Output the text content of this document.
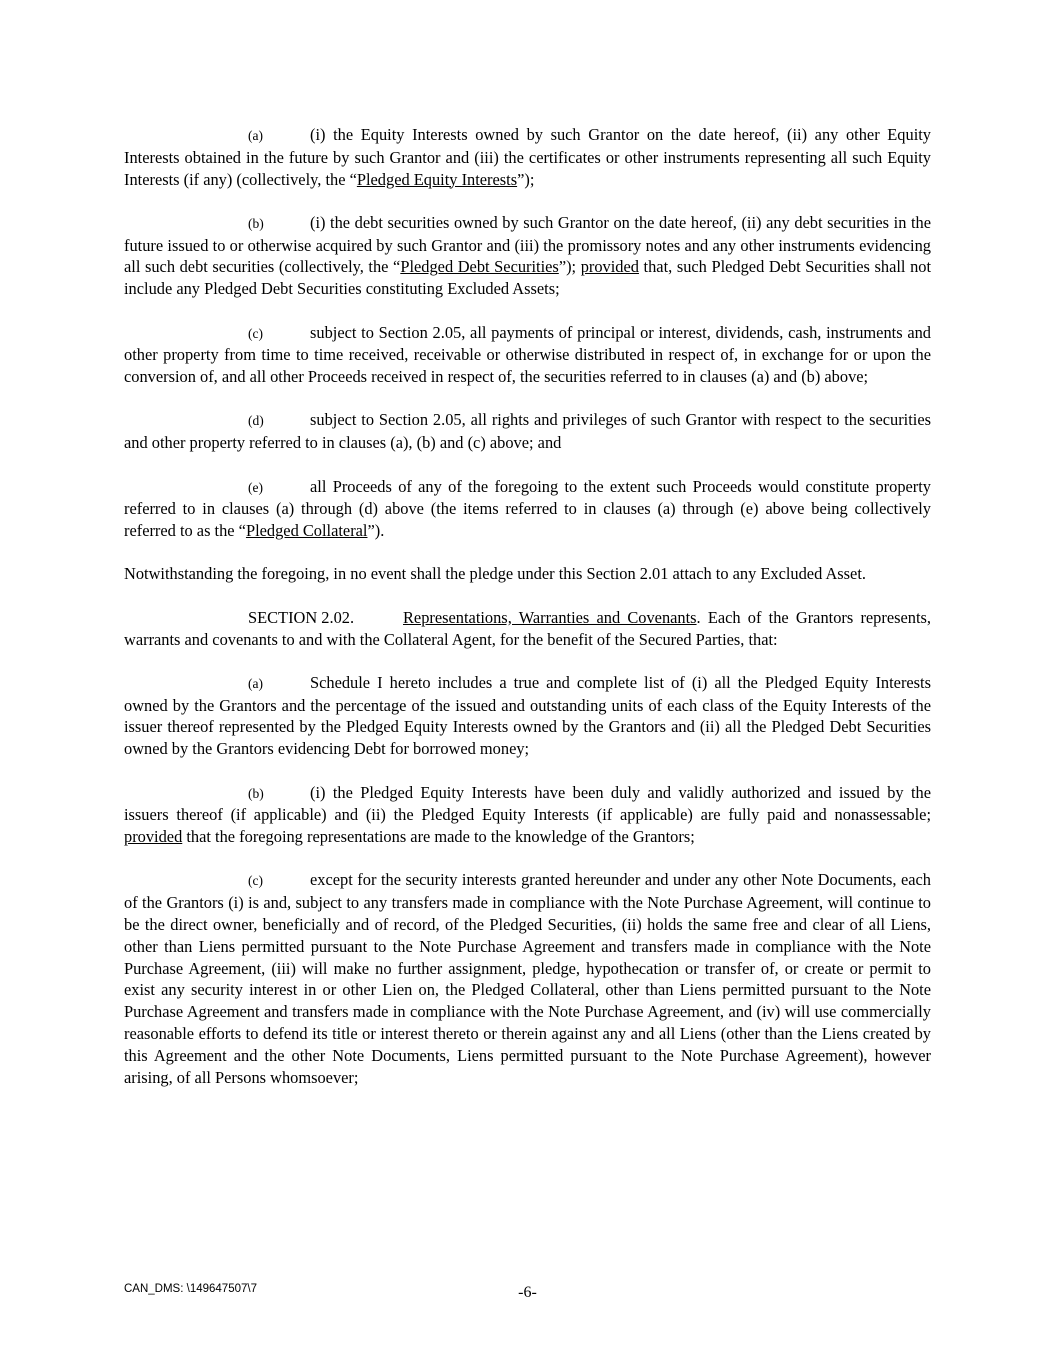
(a)	(i) the Equity Interests owned by such Grantor on the date hereof, (ii) any other Equity Interests obtained in the future by such Grantor and (iii) the certificates or other instruments representing all such Equity Interests (if any) (collectively, the “Pledged Equity Interests”);

(b)	(i) the debt securities owned by such Grantor on the date hereof, (ii) any debt securities in the future issued to or otherwise acquired by such Grantor and (iii) the promissory notes and any other instruments evidencing all such debt securities (collectively, the “Pledged Debt Securities”); provided that, such Pledged Debt Securities shall not include any Pledged Debt Securities constituting Excluded Assets;

(c)	subject to Section 2.05, all payments of principal or interest, dividends, cash, instruments and other property from time to time received, receivable or otherwise distributed in respect of, in exchange for or upon the conversion of, and all other Proceeds received in respect of, the securities referred to in clauses (a) and (b) above;

(d)	subject to Section 2.05, all rights and privileges of such Grantor with respect to the securities and other property referred to in clauses (a), (b) and (c) above; and

(e)	all Proceeds of any of the foregoing to the extent such Proceeds would constitute property referred to in clauses (a) through (d) above (the items referred to in clauses (a) through (e) above being collectively referred to as the “Pledged Collateral”).

Notwithstanding the foregoing, in no event shall the pledge under this Section 2.01 attach to any Excluded Asset.

SECTION 2.02.	Representations, Warranties and Covenants. Each of the Grantors represents, warrants and covenants to and with the Collateral Agent, for the benefit of the Secured Parties, that:

(a)	Schedule I hereto includes a true and complete list of (i) all the Pledged Equity Interests owned by the Grantors and the percentage of the issued and outstanding units of each class of the Equity Interests of the issuer thereof represented by the Pledged Equity Interests owned by the Grantors and (ii) all the Pledged Debt Securities owned by the Grantors evidencing Debt for borrowed money;

(b)	(i) the Pledged Equity Interests have been duly and validly authorized and issued by the issuers thereof (if applicable) and (ii) the Pledged Equity Interests (if applicable) are fully paid and nonassessable; provided that the foregoing representations are made to the knowledge of the Grantors;

(c)	except for the security interests granted hereunder and under any other Note Documents, each of the Grantors (i) is and, subject to any transfers made in compliance with the Note Purchase Agreement, will continue to be the direct owner, beneficially and of record, of the Pledged Securities, (ii) holds the same free and clear of all Liens, other than Liens permitted pursuant to the Note Purchase Agreement and transfers made in compliance with the Note Purchase Agreement, (iii) will make no further assignment, pledge, hypothecation or transfer of, or create or permit to exist any security interest in or other Lien on, the Pledged Collateral, other than Liens permitted pursuant to the Note Purchase Agreement and transfers made in compliance with the Note Purchase Agreement, and (iv) will use commercially reasonable efforts to defend its title or interest thereto or therein against any and all Liens (other than the Liens created by this Agreement and the other Note Documents, Liens permitted pursuant to the Note Purchase Agreement), however arising, of all Persons whomsoever;

CAN_DMS: \149647507\7	-6-
